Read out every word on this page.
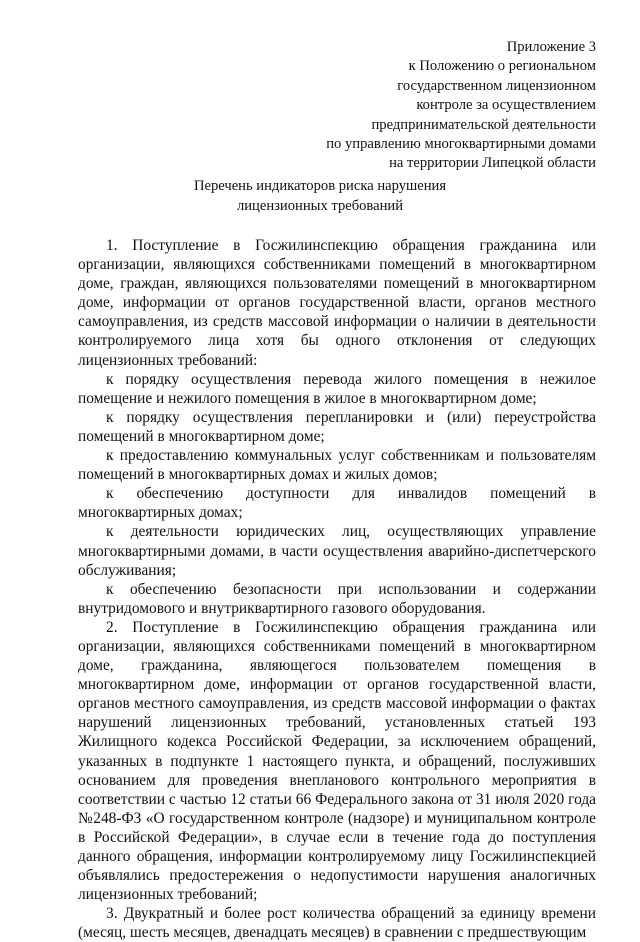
Приложение 3
к Положению о региональном
государственном лицензионном
контроле за осуществлением
предпринимательской деятельности
по управлению многоквартирными домами
на территории Липецкой области
Перечень индикаторов риска нарушения
лицензионных требований

1. Поступление в Госжилинспекцию обращения гражданина или организации, являющихся собственниками помещений в многоквартирном доме, граждан, являющихся пользователями помещений в многоквартирном доме, информации от органов государственной власти, органов местного самоуправления, из средств массовой информации о наличии в деятельности контролируемого лица хотя бы одного отклонения от следующих лицензионных требований:

к порядку осуществления перевода жилого помещения в нежилое помещение и нежилого помещения в жилое в многоквартирном доме;

к порядку осуществления перепланировки и (или) переустройства помещений в многоквартирном доме;

к предоставлению коммунальных услуг собственникам и пользователям помещений в многоквартирных домах и жилых домов;

к обеспечению доступности для инвалидов помещений в многоквартирных домах;

к деятельности юридических лиц, осуществляющих управление многоквартирными домами, в части осуществления аварийно-диспетчерского обслуживания;

к обеспечению безопасности при использовании и содержании внутридомового и внутриквартирного газового оборудования.

2. Поступление в Госжилинспекцию обращения гражданина или организации, являющихся собственниками помещений в многоквартирном доме, гражданина, являющегося пользователем помещения в многоквартирном доме, информации от органов государственной власти, органов местного самоуправления, из средств массовой информации о фактах нарушений лицензионных требований, установленных статьей 193 Жилищного кодекса Российской Федерации, за исключением обращений, указанных в подпункте 1 настоящего пункта, и обращений, послуживших основанием для проведения внепланового контрольного мероприятия в соответствии с частью 12 статьи 66 Федерального закона от 31 июля 2020 года №248-ФЗ «О государственном контроле (надзоре) и муниципальном контроле в Российской Федерации», в случае если в течение года до поступления данного обращения, информации контролируемому лицу Госжилинспекцией объявлялись предостережения о недопустимости нарушения аналогичных лицензионных требований;

3. Двукратный и более рост количества обращений за единицу времени (месяц, шесть месяцев, двенадцать месяцев) в сравнении с предшествующим
